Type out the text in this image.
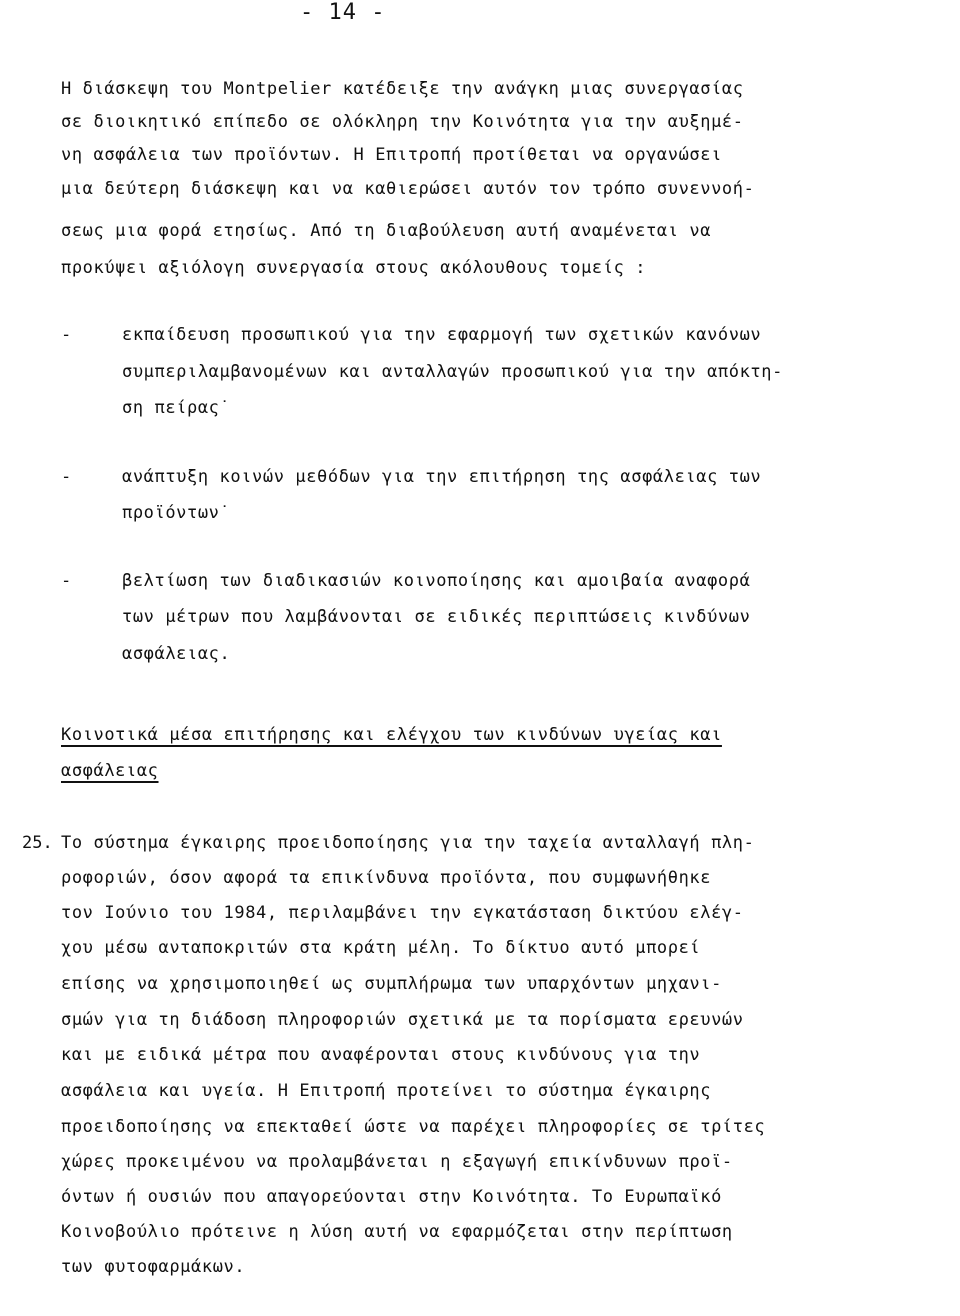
- 14 -
Η διάσκεψη του Montpelier κατέδειξε την ανάγκη μιας συνεργασίας
σε διοικητικό επίπεδο σε ολόκληρη την Κοινότητα για την αυξημέ-
νη ασφάλεια των προϊόντων. Η Επιτροπή προτίθεται να οργανώσει
μια δεύτερη διάσκεψη και να καθιερώσει αυτόν τον τρόπο συνεννοή-
σεως μια φορά ετησίως. Από τη διαβούλευση αυτή αναμένεται να
προκύψει αξιόλογη συνεργασία στους ακόλουθους τομείς :
-	εκπαίδευση προσωπικού για την εφαρμογή των σχετικών κανόνων
συμπεριλαμβανομένων και ανταλλαγών προσωπικού για την απόκτη-
ση πείρας˙
-	ανάπτυξη κοινών μεθόδων για την επιτήρηση της ασφάλειας των
προϊόντων˙
-	βελτίωση των διαδικασιών κοινοποίησης και αμοιβαία αναφορά
των μέτρων που λαμβάνονται σε ειδικές περιπτώσεις κινδύνων
ασφάλειας.
Κοινοτικά μέσα επιτήρησης και ελέγχου των κινδύνων υγείας και
ασφάλειας
25. Το σύστημα έγκαιρης προειδοποίησης για την ταχεία ανταλλαγή πλη-
ροφοριών, όσον αφορά τα επικίνδυνα προϊόντα, που συμφωνήθηκε
τον Ιούνιο του 1984, περιλαμβάνει την εγκατάσταση δικτύου ελέγ-
χου μέσω ανταποκριτών στα κράτη μέλη. Το δίκτυο αυτό μπορεί
επίσης να χρησιμοποιηθεί ως συμπλήρωμα των υπαρχόντων μηχανι-
σμών για τη διάδοση πληροφοριών σχετικά με τα πορίσματα ερευνών
και με ειδικά μέτρα που αναφέρονται στους κινδύνους για την
ασφάλεια και υγεία. Η Επιτροπή προτείνει το σύστημα έγκαιρης
προειδοποίησης να επεκταθεί ώστε να παρέχει πληροφορίες σε τρίτες
χώρες προκειμένου να προλαμβάνεται η εξαγωγή επικίνδυνων προϊ-
όντων ή ουσιών που απαγορεύονται στην Κοινότητα. Το Ευρωπαϊκό
Κοινοβούλιο πρότεινε η λύση αυτή να εφαρμόζεται στην περίπτωση
των φυτοφαρμάκων.
